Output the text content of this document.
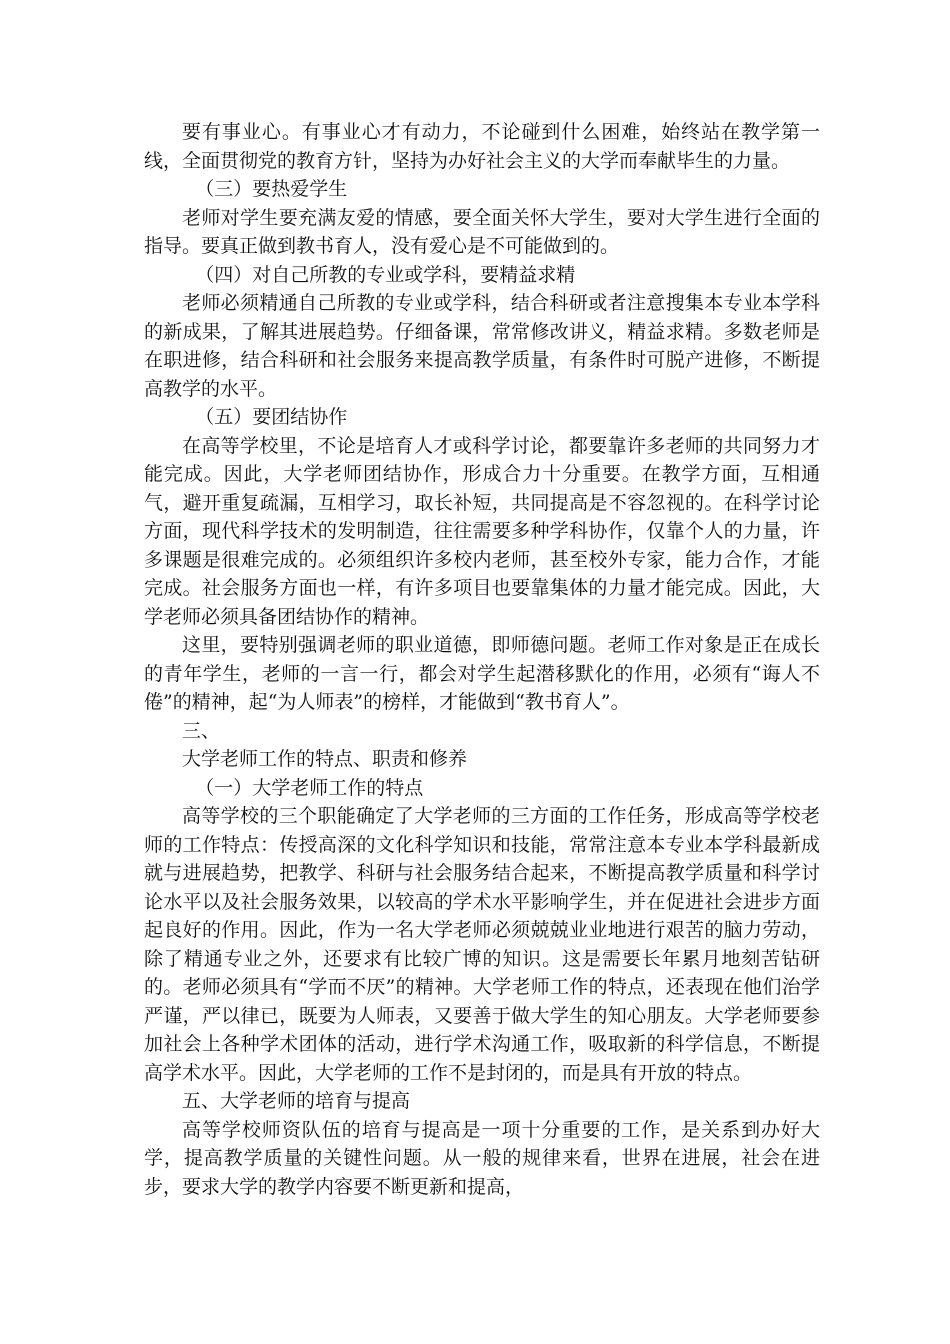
要有事业心。有事业心才有动力，不论碰到什么困难，始终站在教学第一线，全面贯彻党的教育方针，坚持为办好社会主义的大学而奉献毕生的力量。

（三）要热爱学生

老师对学生要充满友爱的情感，要全面关怀大学生，要对大学生进行全面的指导。要真正做到教书育人，没有爱心是不可能做到的。

（四）对自己所教的专业或学科，要精益求精

老师必须精通自己所教的专业或学科，结合科研或者注意搜集本专业本学科的新成果，了解其进展趋势。仔细备课，常常修改讲义，精益求精。多数老师是在职进修，结合科研和社会服务来提高教学质量，有条件时可脱产进修，不断提高教学的水平。

（五）要团结协作

在高等学校里，不论是培育人才或科学讨论，都要靠许多老师的共同努力才能完成。因此，大学老师团结协作，形成合力十分重要。在教学方面，互相通气，避开重复疏漏，互相学习，取长补短，共同提高是不容忽视的。在科学讨论方面，现代科学技术的发明制造，往往需要多种学科协作，仅靠个人的力量，许多课题是很难完成的。必须组织许多校内老师，甚至校外专家，能力合作，才能完成。社会服务方面也一样，有许多项目也要靠集体的力量才能完成。因此，大学老师必须具备团结协作的精神。

这里，要特别强调老师的职业道德，即师德问题。老师工作对象是正在成长的青年学生，老师的一言一行，都会对学生起潜移默化的作用，必须有“诲人不倦”的精神，起“为人师表”的榜样，才能做到“教书育人”。

三、

大学老师工作的特点、职责和修养

（一）大学老师工作的特点

高等学校的三个职能确定了大学老师的三方面的工作任务，形成高等学校老师的工作特点：传授高深的文化科学知识和技能，常常注意本专业本学科最新成就与进展趋势，把教学、科研与社会服务结合起来，不断提高教学质量和科学讨论水平以及社会服务效果，以较高的学术水平影响学生，并在促进社会进步方面起良好的作用。因此，作为一名大学老师必须兢兢业业地进行艰苦的脑力劳动，除了精通专业之外，还要求有比较广博的知识。这是需要长年累月地刻苦钻研的。老师必须具有“学而不厌”的精神。大学老师工作的特点，还表现在他们治学严谨，严以律已，既要为人师表，又要善于做大学生的知心朋友。大学老师要参加社会上各种学术团体的活动，进行学术沟通工作，吸取新的科学信息，不断提高学术水平。因此，大学老师的工作不是封闭的，而是具有开放的特点。

五、大学老师的培育与提高

高等学校师资队伍的培育与提高是一项十分重要的工作，是关系到办好大学，提高教学质量的关键性问题。从一般的规律来看，世界在进展，社会在进步，要求大学的教学内容要不断更新和提高，
